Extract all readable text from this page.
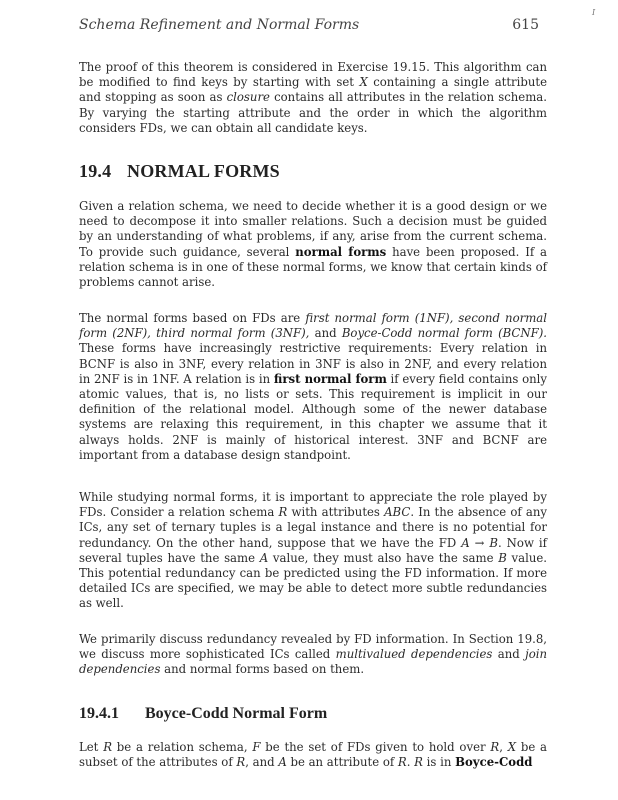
Schema Refinement and Normal Forms	615
I

The proof of this theorem is considered in Exercise 19.15. This algorithm can be modified to find keys by starting with set X containing a single attribute and stopping as soon as closure contains all attributes in the relation schema. By varying the starting attribute and the order in which the algorithm considers FDs, we can obtain all candidate keys.

19.4 NORMAL FORMS

Given a relation schema, we need to decide whether it is a good design or we need to decompose it into smaller relations. Such a decision must be guided by an understanding of what problems, if any, arise from the current schema. To provide such guidance, several normal forms have been proposed. If a relation schema is in one of these normal forms, we know that certain kinds of problems cannot arise.

The normal forms based on FDs are first normal form (1NF), second normal form (2NF), third normal form (3NF), and Boyce-Codd normal form (BCNF). These forms have increasingly restrictive requirements: Every relation in BCNF is also in 3NF, every relation in 3NF is also in 2NF, and every relation in 2NF is in 1NF. A relation is in first normal form if every field contains only atomic values, that is, no lists or sets. This requirement is implicit in our definition of the relational model. Although some of the newer database systems are relaxing this requirement, in this chapter we assume that it always holds. 2NF is mainly of historical interest. 3NF and BCNF are important from a database design standpoint.

While studying normal forms, it is important to appreciate the role played by FDs. Consider a relation schema R with attributes ABC. In the absence of any ICs, any set of ternary tuples is a legal instance and there is no potential for redundancy. On the other hand, suppose that we have the FD A → B. Now if several tuples have the same A value, they must also have the same B value. This potential redundancy can be predicted using the FD information. If more detailed ICs are specified, we may be able to detect more subtle redundancies as well.

We primarily discuss redundancy revealed by FD information. In Section 19.8, we discuss more sophisticated ICs called multivalued dependencies and join dependencies and normal forms based on them.

19.4.1 Boyce-Codd Normal Form

Let R be a relation schema, F be the set of FDs given to hold over R, X be a subset of the attributes of R, and A be an attribute of R. R is in Boyce-Codd
